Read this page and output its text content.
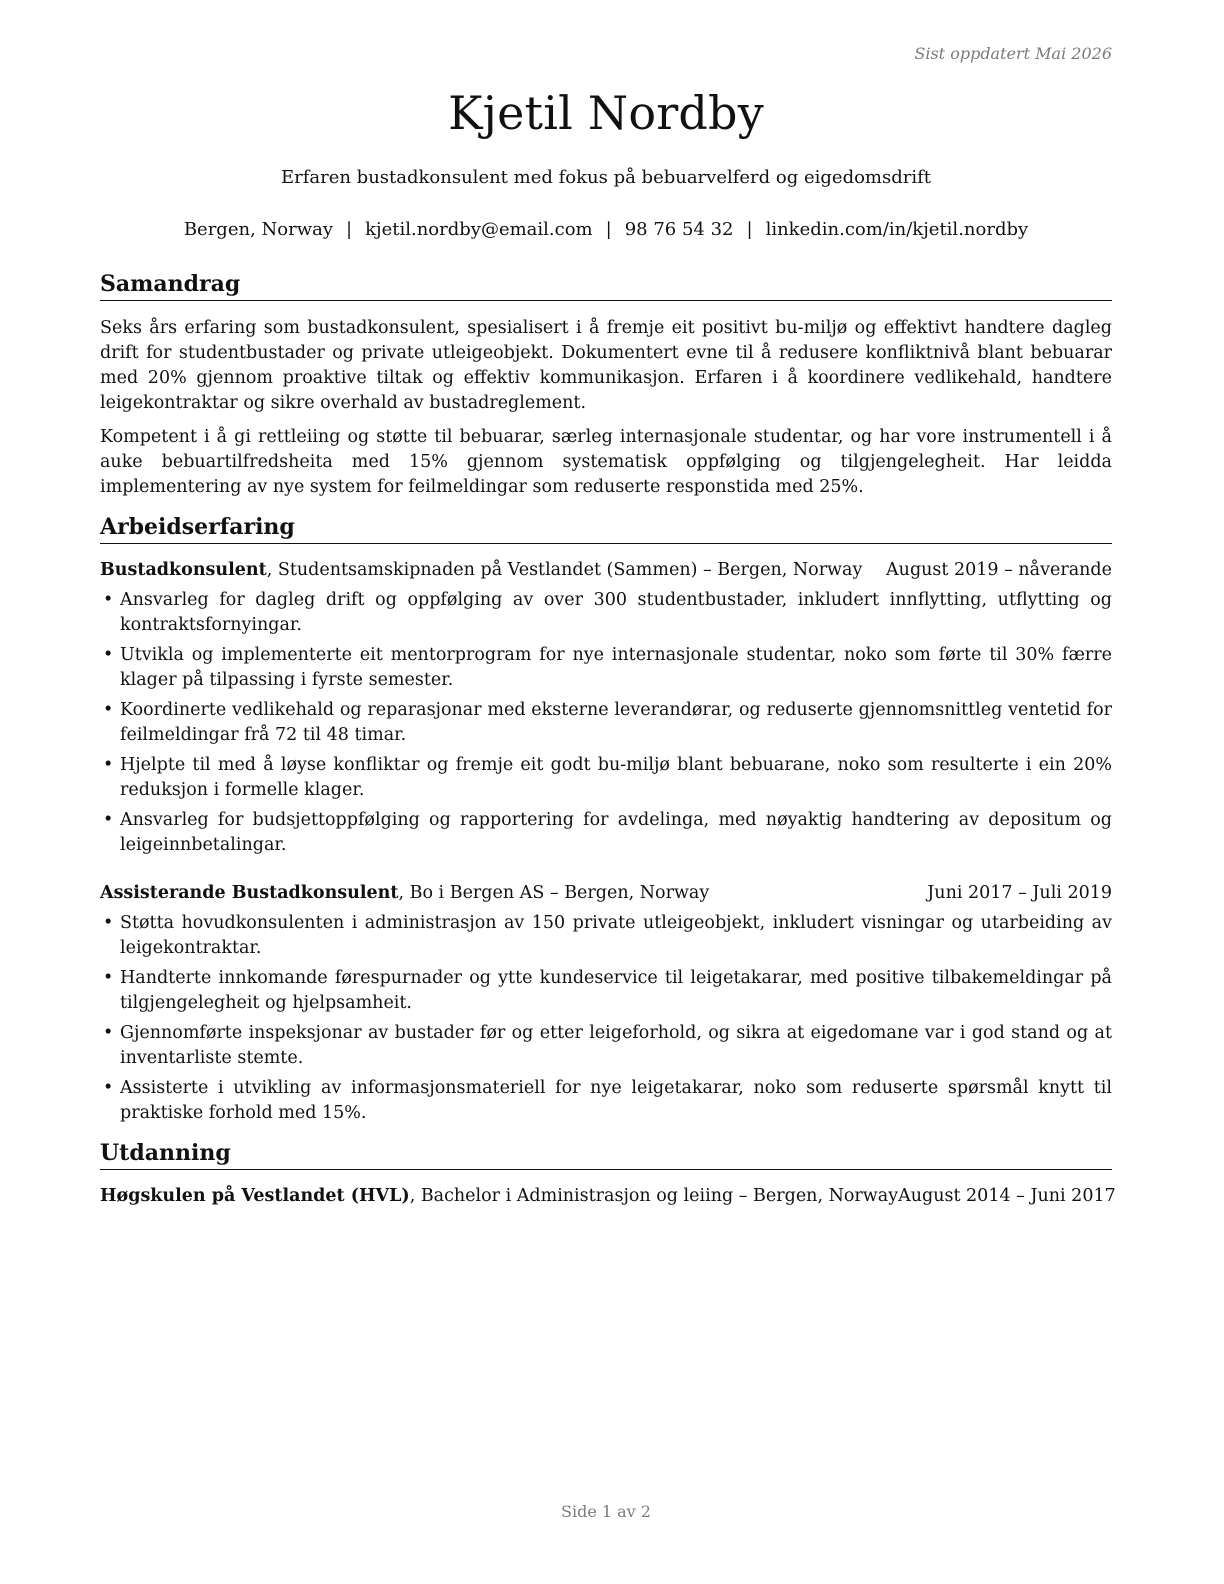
Sist oppdatert Mai 2026
Kjetil Nordby
Erfaren bustadkonsulent med fokus på bebuarvelferd og eigedomsdrift
Bergen, Norway | kjetil.nordby@email.com | 98 76 54 32 | linkedin.com/in/kjetil.nordby
Samandrag

Seks års erfaring som bustadkonsulent, spesialisert i å fremje eit positivt bu-miljø og effektivt handtere dagleg drift for studentbustader og private utleigeobjekt. Dokumentert evne til å redusere konfliktnivå blant bebuarar med 20% gjennom proaktive tiltak og effektiv kommunikasjon. Erfaren i å koordinere vedlikehald, handtere leigekontraktar og sikre overhald av bustadreglement.

Kompetent i å gi rettleiing og støtte til bebuarar, særleg internasjonale studentar, og har vore instrumentell i å auke bebuartilfredsheita med 15% gjennom systematisk oppfølging og tilgjengelegheit. Har leidda implementering av nye system for feilmeldingar som reduserte responstida med 25%.

Arbeidserfaring
Bustadkonsulent, Studentsamskipnaden på Vestlandet (Sammen) – Bergen, Norway August 2019 – nåverande
• Ansvarleg for dagleg drift og oppfølging av over 300 studentbustader, inkludert innflytting, utflytting og kontraktsfornyingar.
• Utvikla og implementerte eit mentorprogram for nye internasjonale studentar, noko som førte til 30% færre klager på tilpassing i fyrste semester.
• Koordinerte vedlikehald og reparasjonar med eksterne leverandørar, og reduserte gjennomsnittleg ventetid for feilmeldingar frå 72 til 48 timar.
• Hjelpte til med å løyse konfliktar og fremje eit godt bu-miljø blant bebuarane, noko som resulterte i ein 20% reduksjon i formelle klager.
• Ansvarleg for budsjettoppfølging og rapportering for avdelinga, med nøyaktig handtering av depositum og leigeinnbetalingar.
Assisterande Bustadkonsulent, Bo i Bergen AS – Bergen, Norway	Juni 2017 – Juli 2019
• Støtta hovudkonsulenten i administrasjon av 150 private utleigeobjekt, inkludert visningar og utarbeiding av leigekontraktar.
• Handterte innkomande førespurnader og ytte kundeservice til leigetakarar, med positive tilbakemeldingar på tilgjengelegheit og hjelpsamheit.
• Gjennomførte inspeksjonar av bustader før og etter leigeforhold, og sikra at eigedomane var i god stand og at inventarliste stemte.
• Assisterte i utvikling av informasjonsmateriell for nye leigetakarar, noko som reduserte spørsmål knytt til praktiske forhold med 15%.
Utdanning
Høgskulen på Vestlandet (HVL), Bachelor i Administrasjon og leiing – Bergen, Norway August 2014 – Juni 2017
Side 1 av 2
